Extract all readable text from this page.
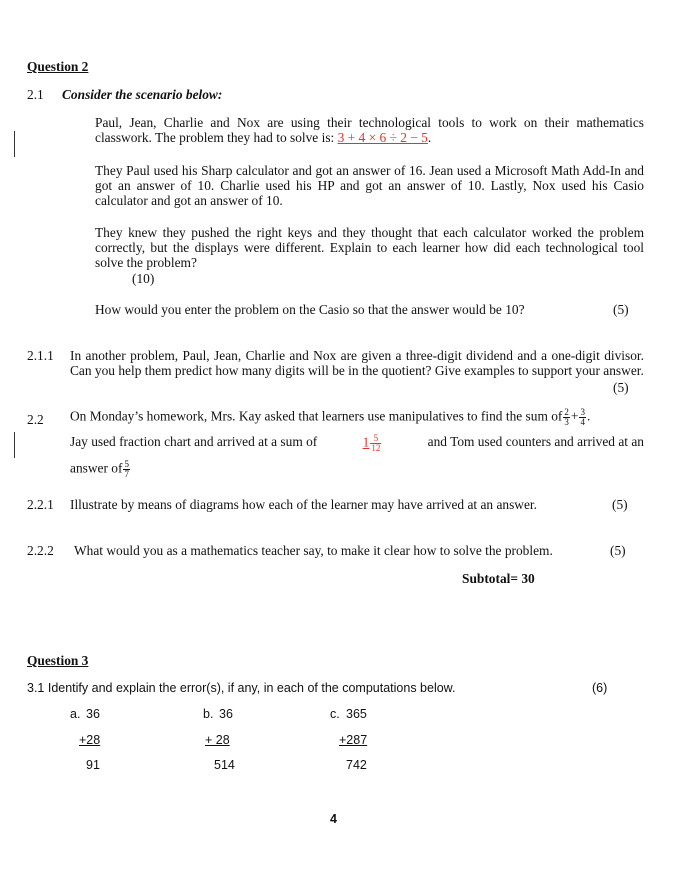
Question 2
2.1 Consider the scenario below:
Paul, Jean, Charlie and Nox are using their technological tools to work on their mathematics classwork. The problem they had to solve is: 3 + 4 × 6 ÷ 2 − 5.
They Paul used his Sharp calculator and got an answer of 16. Jean used a Microsoft Math Add-In and got an answer of 10. Charlie used his HP and got an answer of 10. Lastly, Nox used his Casio calculator and got an answer of 10.
They knew they pushed the right keys and they thought that each calculator worked the problem correctly, but the displays were different. Explain to each learner how did each technological tool solve the problem?
(10)
How would you enter the problem on the Casio so that the answer would be 10?	(5)
2.1.1 In another problem, Paul, Jean, Charlie and Nox are given a three-digit dividend and a one-digit divisor. Can you help them predict how many digits will be in the quotient? Give examples to support your answer.
(5)
2.2 On Monday’s homework, Mrs. Kay asked that learners use manipulatives to find the sum of $\frac{2}{3} + \frac{3}{4}$ .
Jay used fraction chart and arrived at a sum of	$1 \frac{5}{12}$	and Tom used counters and arrived at an
answer of $\frac{5}{7}$
2.2.1 Illustrate by means of diagrams how each of the learner may have arrived at an answer.	(5)
2.2.2 What would you as a mathematics teacher say, to make it clear how to solve the problem.	(5)
Subtotal= 30
Question 3
3.1 Identify and explain the error(s), if any, in each of the computations below.	(6)
a. 36
+28
91
b. 36
+ 28
514
c. 365
+287
742
4
